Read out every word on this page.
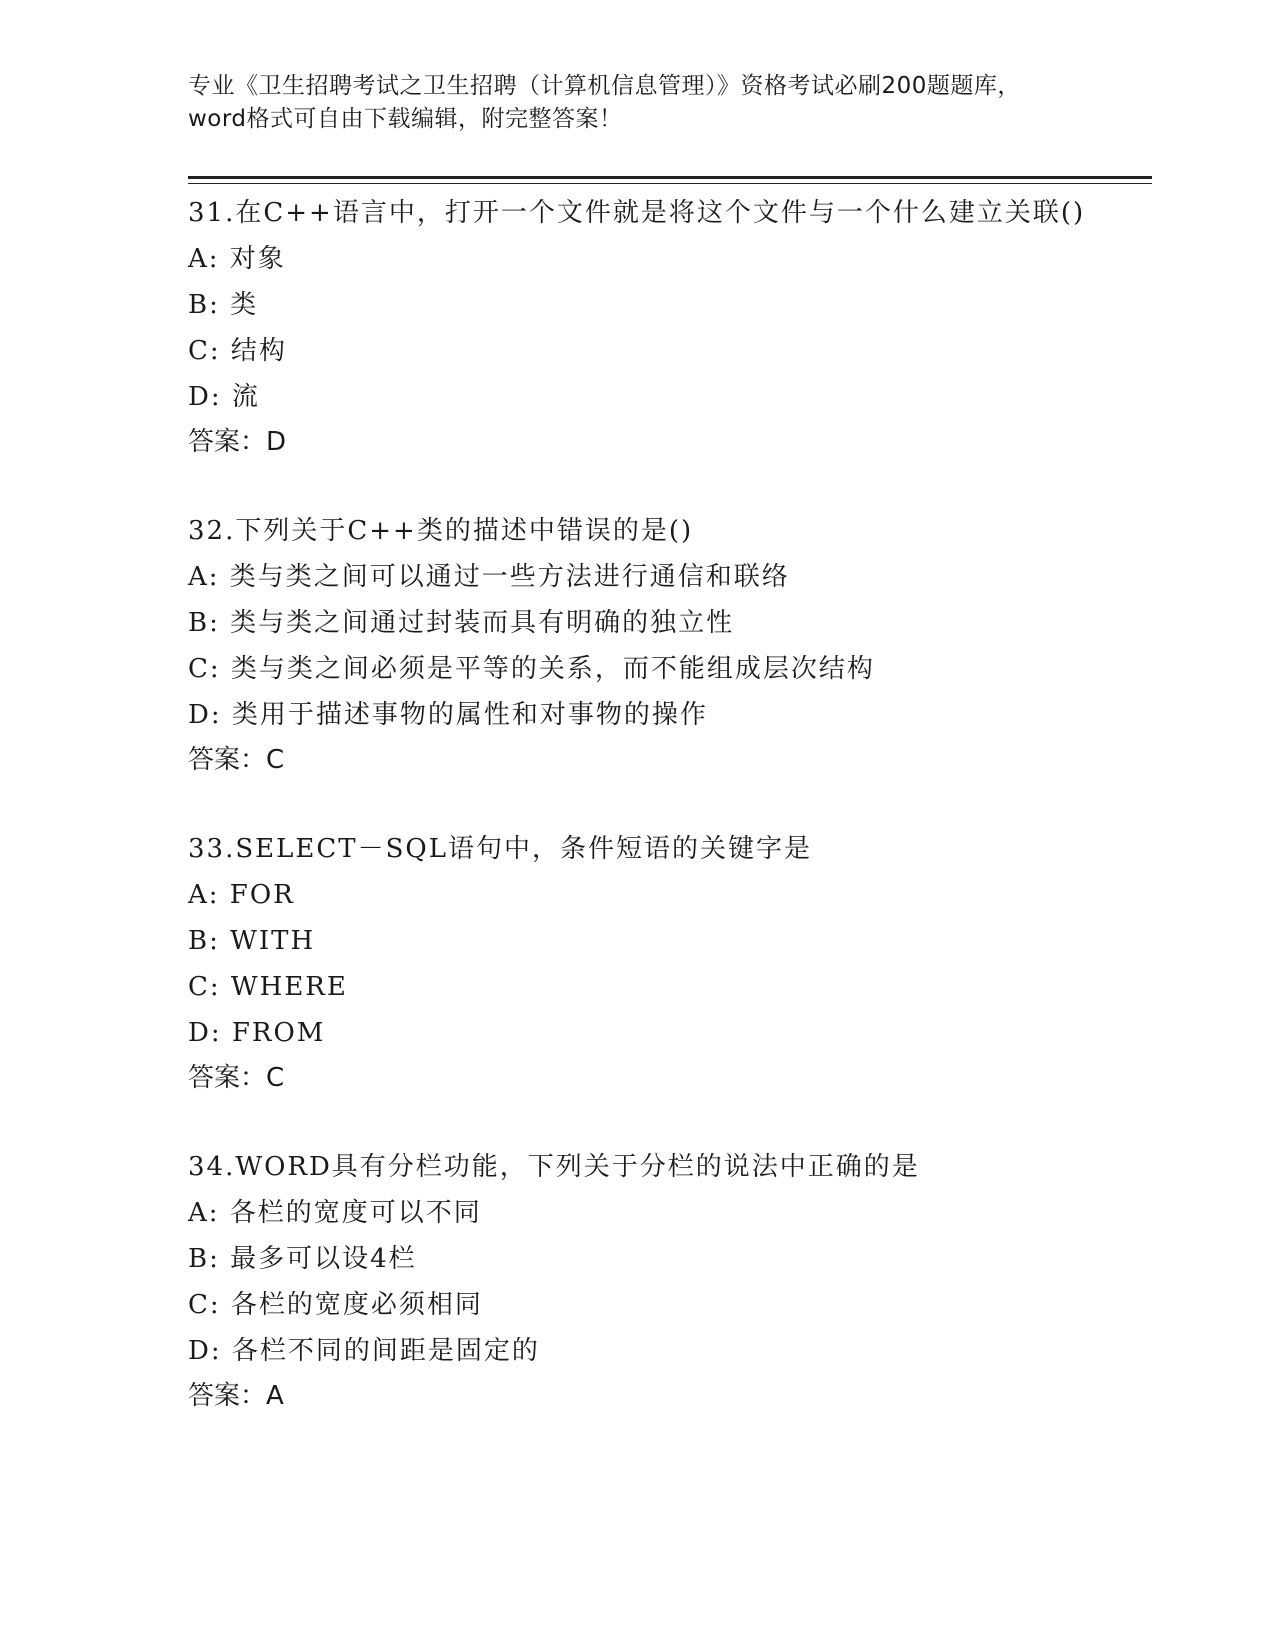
专业《卫生招聘考试之卫生招聘（计算机信息管理）》资格考试必刷200题题库，
word格式可自由下载编辑，附完整答案！
31.在C++语言中，打开一个文件就是将这个文件与一个什么建立关联()
A: 对象
B: 类
C: 结构
D: 流
答案：D
32.下列关于C++类的描述中错误的是()
A: 类与类之间可以通过一些方法进行通信和联络
B: 类与类之间通过封装而具有明确的独立性
C: 类与类之间必须是平等的关系，而不能组成层次结构
D: 类用于描述事物的属性和对事物的操作
答案：C
33.SELECT－SQL语句中，条件短语的关键字是
A: FOR
B: WITH
C: WHERE
D: FROM
答案：C
34.WORD具有分栏功能，下列关于分栏的说法中正确的是
A: 各栏的宽度可以不同
B: 最多可以设4栏
C: 各栏的宽度必须相同
D: 各栏不同的间距是固定的
答案：A
